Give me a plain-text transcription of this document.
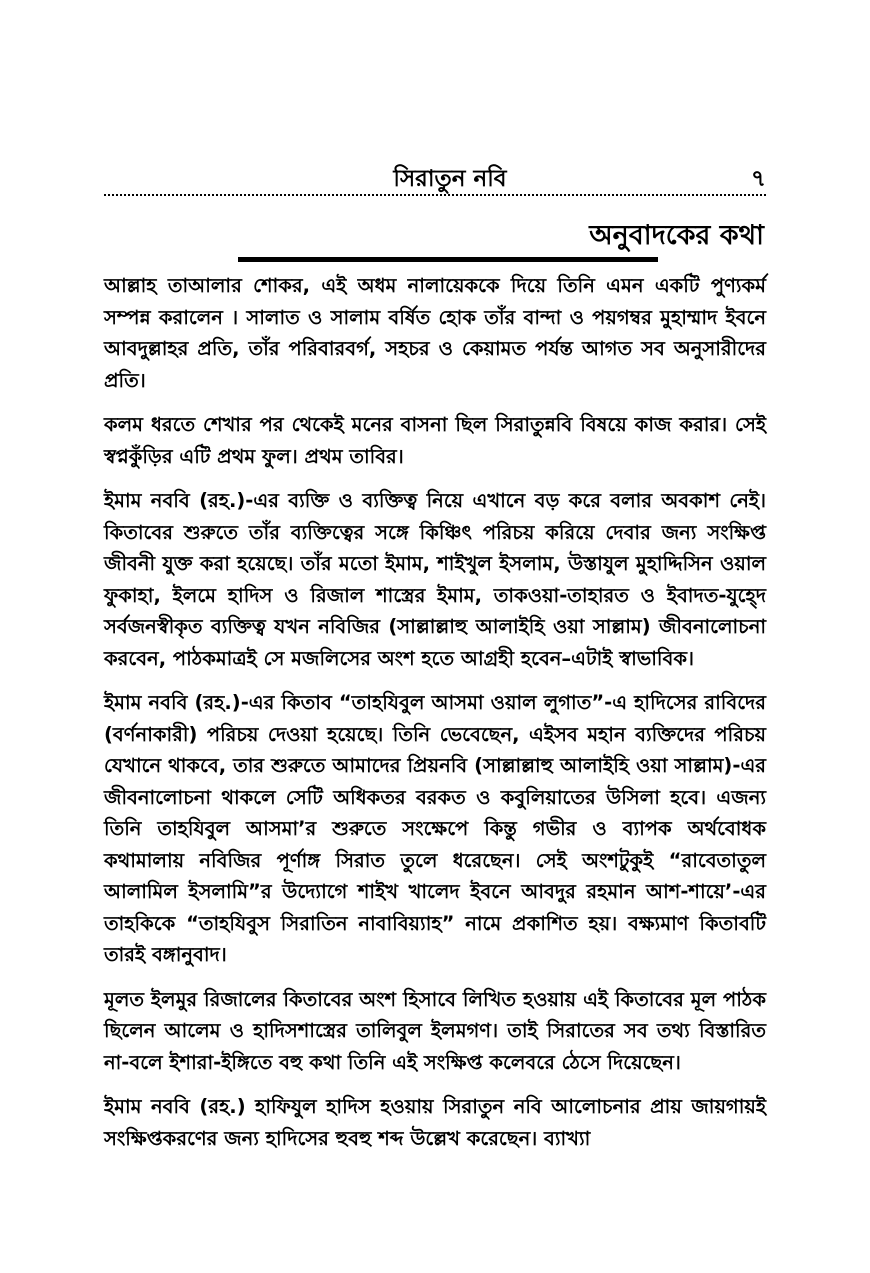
সিরাতুন নবি	৭
অনুবাদকের কথা

আল্লাহ তাআলার শোকর, এই অধম নালায়েককে দিয়ে তিনি এমন একটি পুণ্যকর্ম সম্পন্ন করালেন । সালাত ও সালাম বর্ষিত হোক তাঁর বান্দা ও পয়গম্বর মুহাম্মাদ ইবনে আবদুল্লাহর প্রতি, তাঁর পরিবারবর্গ, সহচর ও কেয়ামত পর্যন্ত আগত সব অনুসারীদের প্রতি।

কলম ধরতে শেখার পর থেকেই মনের বাসনা ছিল সিরাতুন্নবি বিষয়ে কাজ করার। সেই স্বপ্নকুঁড়ির এটি প্রথম ফুল। প্রথম তাবির।

ইমাম নববি (রহ.)-এর ব্যক্তি ও ব্যক্তিত্ব নিয়ে এখানে বড় করে বলার অবকাশ নেই। কিতাবের শুরুতে তাঁর ব্যক্তিত্বের সঙ্গে কিঞ্চিৎ পরিচয় করিয়ে দেবার জন্য সংক্ষিপ্ত জীবনী যুক্ত করা হয়েছে। তাঁর মতো ইমাম, শাইখুল ইসলাম, উস্তাযুল মুহাদ্দিসিন ওয়াল ফুকাহা, ইলমে হাদিস ও রিজাল শাস্ত্রের ইমাম, তাকওয়া-তাহারত ও ইবাদত-যুহ্দে সর্বজনস্বীকৃত ব্যক্তিত্ব যখন নবিজির (সাল্লাল্লাহু আলাইহি ওয়া সাল্লাম) জীবনালোচনা করবেন, পাঠকমাত্রই সে মজলিসের অংশ হতে আগ্রহী হবেন–এটাই স্বাভাবিক।

ইমাম নববি (রহ.)-এর কিতাব “তাহযিবুল আসমা ওয়াল লুগাত”-এ হাদিসের রাবিদের (বর্ণনাকারী) পরিচয় দেওয়া হয়েছে। তিনি ভেবেছেন, এইসব মহান ব্যক্তিদের পরিচয় যেখানে থাকবে, তার শুরুতে আমাদের প্রিয়নবি (সাল্লাল্লাহু আলাইহি ওয়া সাল্লাম)-এর জীবনালোচনা থাকলে সেটি অধিকতর বরকত ও কবুলিয়াতের উসিলা হবে। এজন্য তিনি তাহযিবুল আসমা’র শুরুতে সংক্ষেপে কিন্তু গভীর ও ব্যাপক অর্থবোধক কথামালায় নবিজির পূর্ণাঙ্গ সিরাত তুলে ধরেছেন। সেই অংশটুকুই “রাবেতাতুল আলামিল ইসলামি”র উদ্যোগে শাইখ খালেদ ইবনে আবদুর রহমান আশ-শায়ে’-এর তাহকিকে “তাহযিবুস সিরাতিন নাবাবিয়্যাহ” নামে প্রকাশিত হয়। বক্ষ্যমাণ কিতাবটি তারই বঙ্গানুবাদ।

মূলত ইলমুর রিজালের কিতাবের অংশ হিসাবে লিখিত হওয়ায় এই কিতাবের মূল পাঠক ছিলেন আলেম ও হাদিসশাস্ত্রের তালিবুল ইলমগণ। তাই সিরাতের সব তথ্য বিস্তারিত না-বলে ইশারা-ইঙ্গিতে বহু কথা তিনি এই সংক্ষিপ্ত কলেবরে ঠেসে দিয়েছেন।

ইমাম নববি (রহ.) হাফিযুল হাদিস হওয়ায় সিরাতুন নবি আলোচনার প্রায় জায়গায়ই সংক্ষিপ্তকরণের জন্য হাদিসের হুবহু শব্দ উল্লেখ করেছেন। ব্যাখ্যা
